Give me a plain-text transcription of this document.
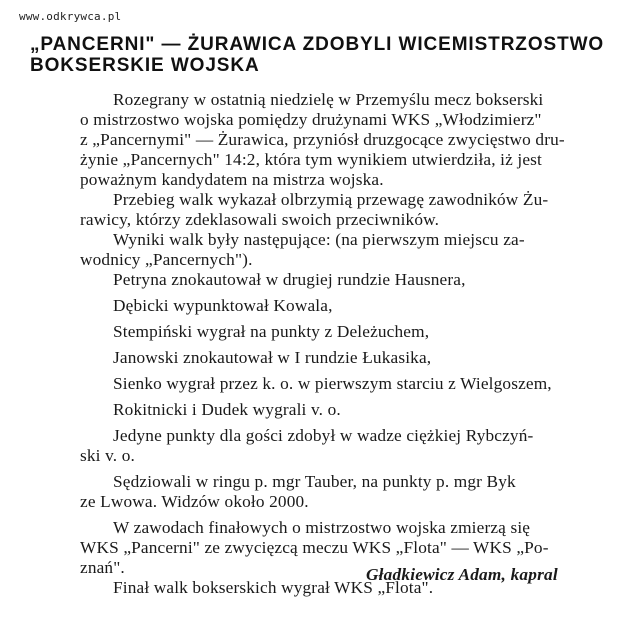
www.odkrywca.pl
„PANCERNI" — ŻURAWICA ZDOBYLI WICEMISTRZOSTWO
BOKSERSKIE WOJSKA

Rozegrany w ostatnią niedzielę w Przemyślu mecz bokserski
o mistrzostwo wojska pomiędzy drużynami WKS „Włodzimierz"
z „Pancernymi" — Żurawica, przyniósł druzgocące zwycięstwo dru-
żynie „Pancernych" 14:2, która tym wynikiem utwierdziła, iż jest
poważnym kandydatem na mistrza wojska.

Przebieg walk wykazał olbrzymią przewagę zawodników Żu-
rawicy, którzy zdeklasowali swoich przeciwników.

Wyniki walk były następujące: (na pierwszym miejscu za-
wodnicy „Pancernych").

Petryna znokautował w drugiej rundzie Hausnera,
Dębicki wypunktował Kowala,
Stempiński wygrał na punkty z Deleżuchem,
Janowski znokautował w I rundzie Łukasika,
Sienko wygrał przez k. o. w pierwszym starciu z Wielgoszem,
Rokitnicki i Dudek wygrali v. o.

Jedyne punkty dla gości zdobył w wadze ciężkiej Rybczyń-
ski v. o.

Sędziowali w ringu p. mgr Tauber, na punkty p. mgr Byk
ze Lwowa. Widzów około 2000.

W zawodach finałowych o mistrzostwo wojska zmierzą się
WKS „Pancerni" ze zwycięzcą meczu WKS „Flota" — WKS „Po-
znań".

Finał walk bokserskich wygrał WKS „Flota".

Gładkiewicz Adam, kapral
